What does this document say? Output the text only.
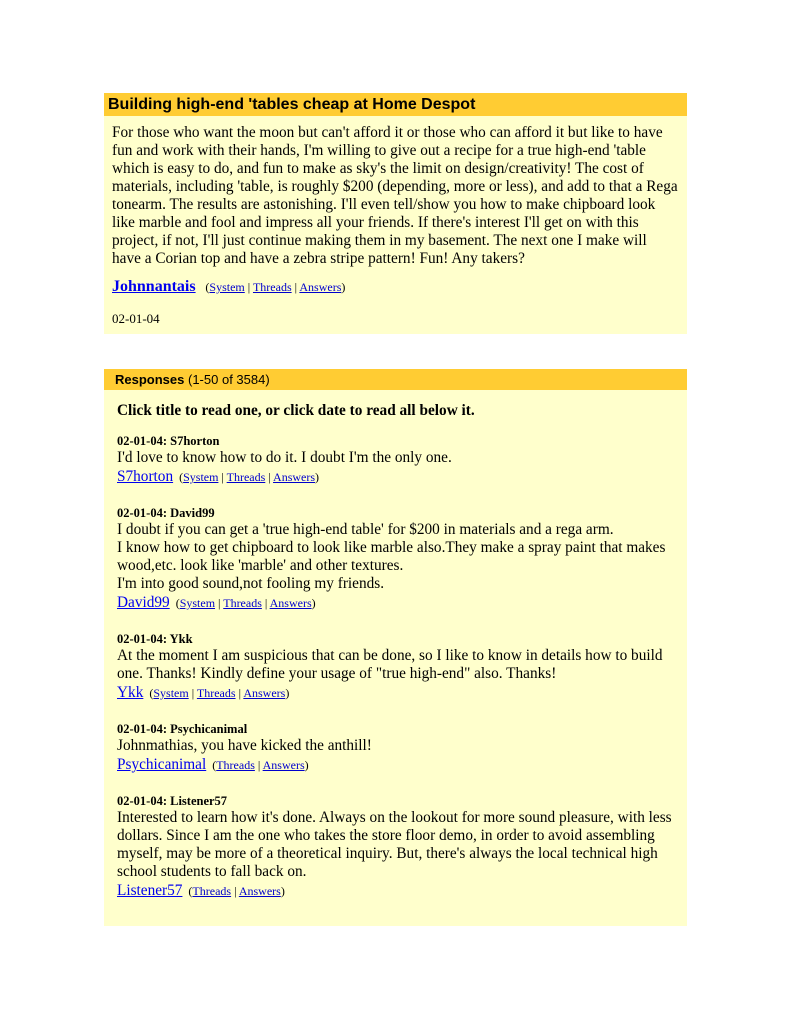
Building high-end 'tables cheap at Home Despot
For those who want the moon but can't afford it or those who can afford it but like to have fun and work with their hands, I'm willing to give out a recipe for a true high-end 'table which is easy to do, and fun to make as sky's the limit on design/creativity! The cost of materials, including 'table, is roughly $200 (depending, more or less), and add to that a Rega tonearm. The results are astonishing. I'll even tell/show you how to make chipboard look like marble and fool and impress all your friends. If there's interest I'll get on with this project, if not, I'll just continue making them in my basement. The next one I make will have a Corian top and have a zebra stripe pattern! Fun! Any takers?
Johnnantais (System | Threads | Answers)
02-01-04
Responses (1-50 of 3584)
Click title to read one, or click date to read all below it.
02-01-04: S7horton
I'd love to know how to do it. I doubt I'm the only one.
S7horton (System | Threads | Answers)
02-01-04: David99
I doubt if you can get a 'true high-end table' for $200 in materials and a rega arm.
I know how to get chipboard to look like marble also.They make a spray paint that makes wood,etc. look like 'marble' and other textures.
I'm into good sound,not fooling my friends.
David99 (System | Threads | Answers)
02-01-04: Ykk
At the moment I am suspicious that can be done, so I like to know in details how to build one. Thanks! Kindly define your usage of "true high-end" also. Thanks!
Ykk (System | Threads | Answers)
02-01-04: Psychicanimal
Johnmathias, you have kicked the anthill!
Psychicanimal (Threads | Answers)
02-01-04: Listener57
Interested to learn how it's done. Always on the lookout for more sound pleasure, with less dollars. Since I am the one who takes the store floor demo, in order to avoid assembling myself, may be more of a theoretical inquiry. But, there's always the local technical high school students to fall back on.
Listener57 (Threads | Answers)
